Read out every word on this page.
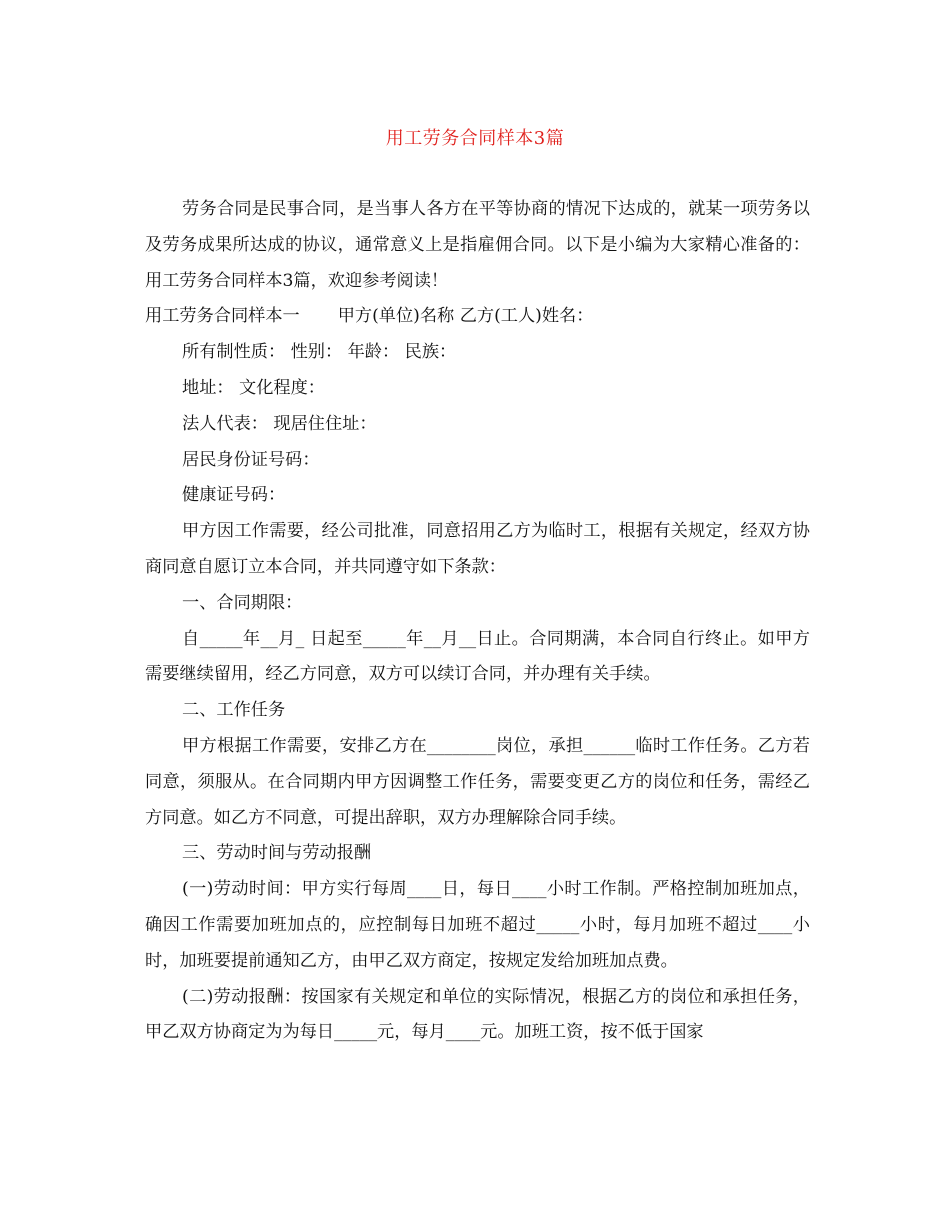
用工劳务合同样本3篇

劳务合同是民事合同，是当事人各方在平等协商的情况下达成的，就某一项劳务以及劳务成果所达成的协议，通常意义上是指雇佣合同。以下是小编为大家精心准备的：用工劳务合同样本3篇，欢迎参考阅读！

用工劳务合同样本一 甲方(单位)名称 乙方(工人)姓名：

所有制性质： 性别： 年龄： 民族：

地址： 文化程度：

法人代表： 现居住住址：

居民身份证号码：

健康证号码：

甲方因工作需要，经公司批准，同意招用乙方为临时工，根据有关规定，经双方协商同意自愿订立本合同，并共同遵守如下条款：

一、合同期限：

自_____年__月_ 日起至_____年__月__日止。合同期满，本合同自行终止。如甲方需要继续留用，经乙方同意，双方可以续订合同，并办理有关手续。

二、工作任务

甲方根据工作需要，安排乙方在________岗位，承担______临时工作任务。乙方若同意，须服从。在合同期内甲方因调整工作任务，需要变更乙方的岗位和任务，需经乙方同意。如乙方不同意，可提出辞职，双方办理解除合同手续。

三、劳动时间与劳动报酬

(一)劳动时间：甲方实行每周____日，每日____小时工作制。严格控制加班加点，确因工作需要加班加点的，应控制每日加班不超过_____小时，每月加班不超过____小时，加班要提前通知乙方，由甲乙双方商定，按规定发给加班加点费。

(二)劳动报酬：按国家有关规定和单位的实际情况，根据乙方的岗位和承担任务，甲乙双方协商定为为每日_____元，每月____元。加班工资，按不低于国家
